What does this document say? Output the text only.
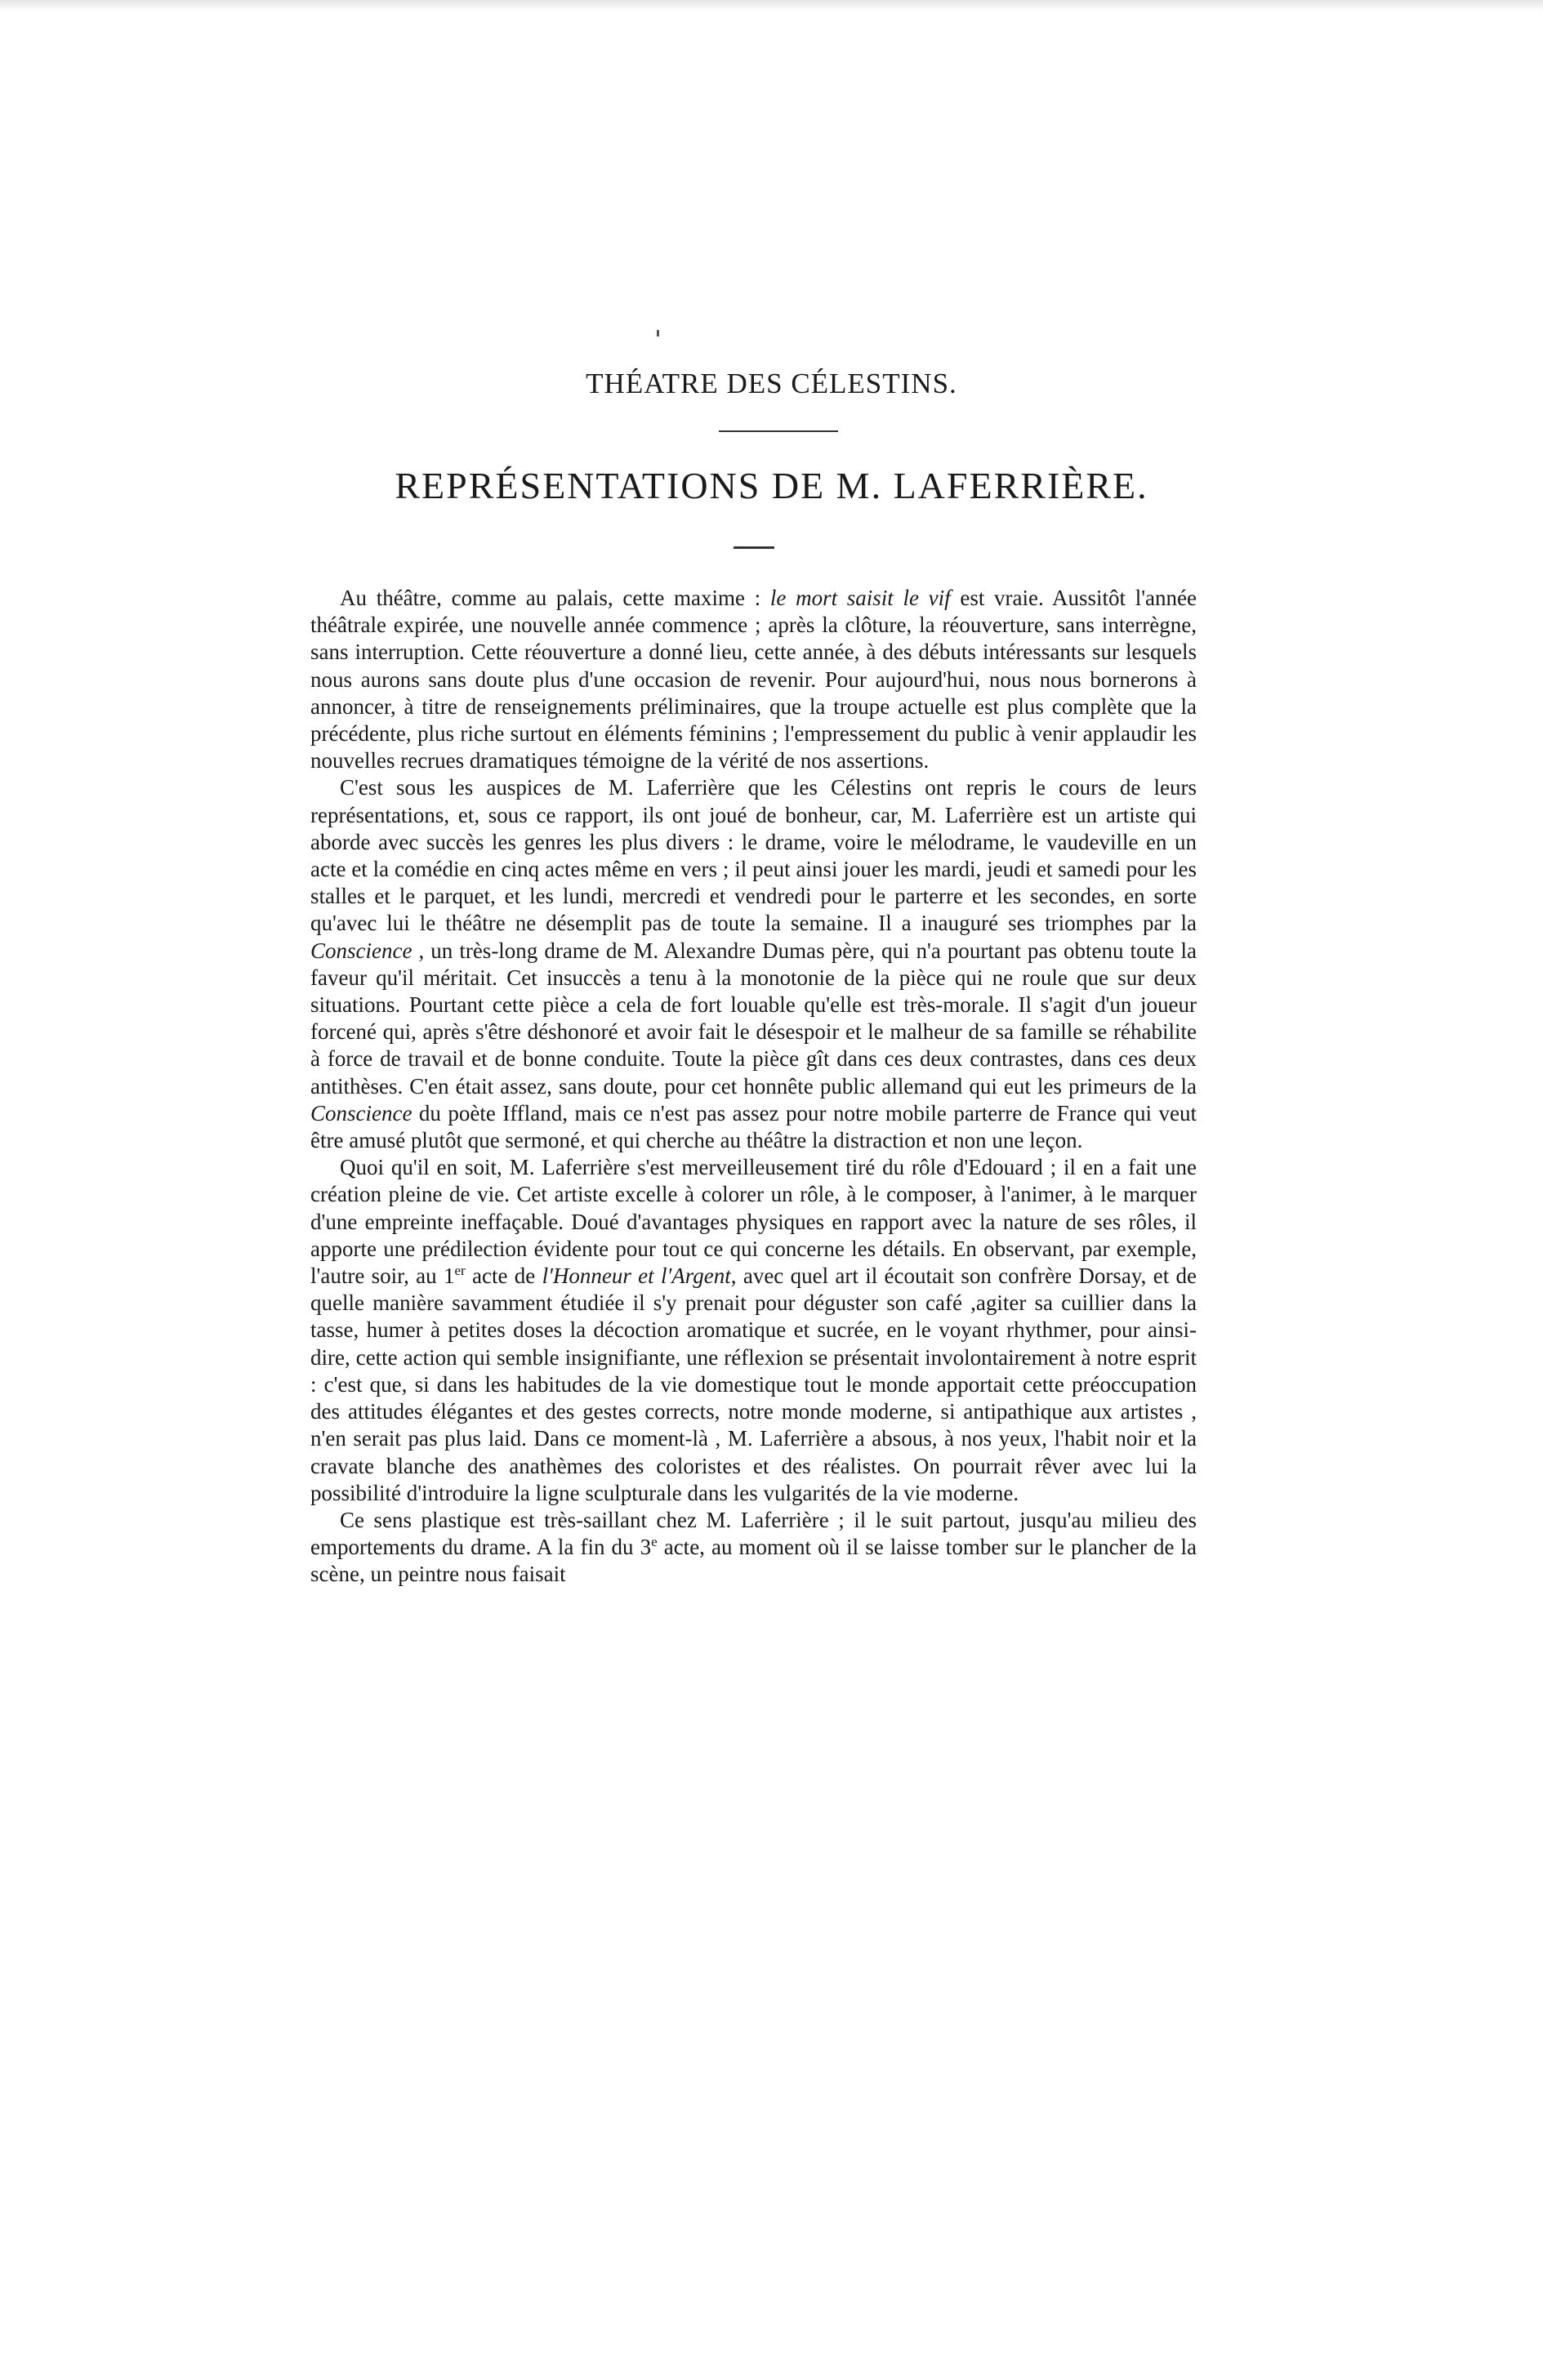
THÉATRE DES CÉLESTINS.
REPRÉSENTATIONS DE M. LAFERRIÈRE.

Au théâtre, comme au palais, cette maxime : le mort saisit le vif est vraie. Aussitôt l'année théâtrale expirée, une nouvelle année commence ; après la clôture, la réouverture, sans interrègne, sans interruption. Cette réouverture a donné lieu, cette année, à des débuts intéressants sur lesquels nous aurons sans doute plus d'une occasion de revenir. Pour aujourd'hui, nous nous bornerons à annoncer, à titre de renseignements préliminaires, que la troupe actuelle est plus complète que la précédente, plus riche surtout en éléments féminins ; l'empressement du public à venir applaudir les nouvelles recrues dramatiques témoigne de la vérité de nos assertions.

C'est sous les auspices de M. Laferrière que les Célestins ont repris le cours de leurs représentations, et, sous ce rapport, ils ont joué de bonheur, car, M. Laferrière est un artiste qui aborde avec succès les genres les plus divers : le drame, voire le mélodrame, le vaudeville en un acte et la comédie en cinq actes même en vers ; il peut ainsi jouer les mardi, jeudi et samedi pour les stalles et le parquet, et les lundi, mercredi et vendredi pour le parterre et les secondes, en sorte qu'avec lui le théâtre ne désemplit pas de toute la semaine. Il a inauguré ses triomphes par la Conscience , un très-long drame de M. Alexandre Dumas père, qui n'a pourtant pas obtenu toute la faveur qu'il méritait. Cet insuccès a tenu à la monotonie de la pièce qui ne roule que sur deux situations. Pourtant cette pièce a cela de fort louable qu'elle est très-morale. Il s'agit d'un joueur forcené qui, après s'être déshonoré et avoir fait le désespoir et le malheur de sa famille se réhabilite à force de travail et de bonne conduite. Toute la pièce gît dans ces deux contrastes, dans ces deux antithèses. C'en était assez, sans doute, pour cet honnête public allemand qui eut les primeurs de la Conscience du poète Iffland, mais ce n'est pas assez pour notre mobile parterre de France qui veut être amusé plutôt que sermoné, et qui cherche au théâtre la distraction et non une leçon.

Quoi qu'il en soit, M. Laferrière s'est merveilleusement tiré du rôle d'Edouard ; il en a fait une création pleine de vie. Cet artiste excelle à colorer un rôle, à le composer, à l'animer, à le marquer d'une empreinte ineffaçable. Doué d'avantages physiques en rapport avec la nature de ses rôles, il apporte une prédilection évidente pour tout ce qui concerne les détails. En observant, par exemple, l'autre soir, au 1er acte de l'Honneur et l'Argent, avec quel art il écoutait son confrère Dorsay, et de quelle manière savamment étudiée il s'y prenait pour déguster son café ,agiter sa cuillier dans la tasse, humer à petites doses la décoction aromatique et sucrée, en le voyant rhythmer, pour ainsi-dire, cette action qui semble insignifiante, une réflexion se présentait involontairement à notre esprit : c'est que, si dans les habitudes de la vie domestique tout le monde apportait cette préoccupation des attitudes élégantes et des gestes corrects, notre monde moderne, si antipathique aux artistes , n'en serait pas plus laid. Dans ce moment-là , M. Laferrière a absous, à nos yeux, l'habit noir et la cravate blanche des anathèmes des coloristes et des réalistes. On pourrait rêver avec lui la possibilité d'introduire la ligne sculpturale dans les vulgarités de la vie moderne.

Ce sens plastique est très-saillant chez M. Laferrière ; il le suit partout, jusqu'au milieu des emportements du drame. A la fin du 3e acte, au moment où il se laisse tomber sur le plancher de la scène, un peintre nous faisait
